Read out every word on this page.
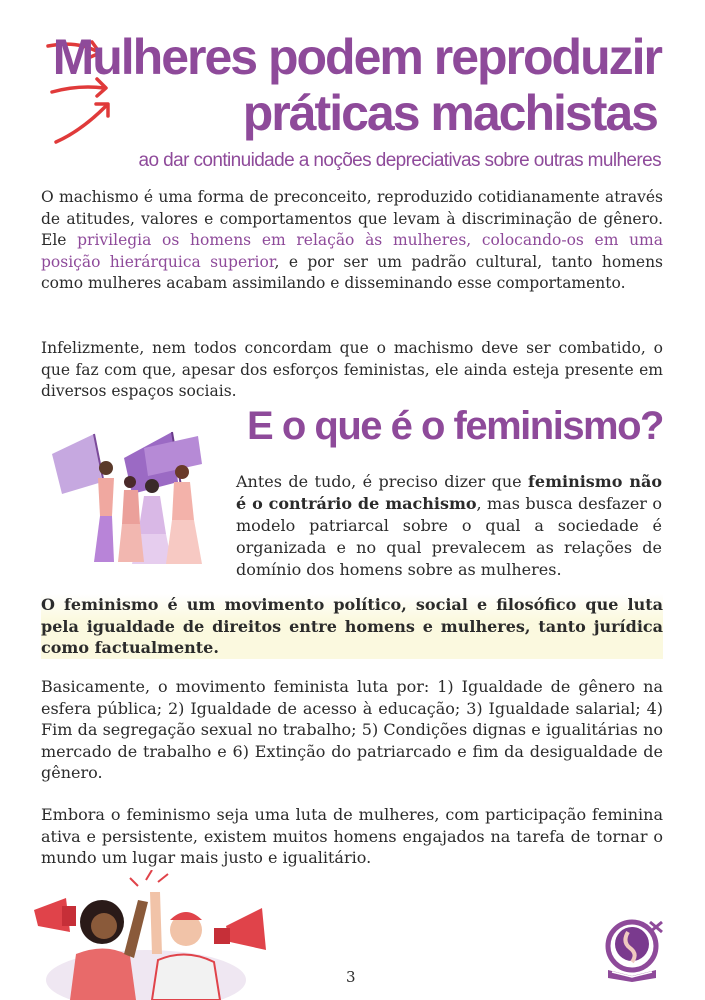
Mulheres podem reproduzir
práticas machistas
ao dar continuidade a noções depreciativas sobre outras mulheres
O machismo é uma forma de preconceito, reproduzido cotidianamente através de atitudes, valores e comportamentos que levam à discriminação de gênero. Ele privilegia os homens em relação às mulheres, colocando-os em uma posição hierárquica superior, e por ser um padrão cultural, tanto homens como mulheres acabam assimilando e disseminando esse comportamento.
Infelizmente, nem todos concordam que o machismo deve ser combatido, o que faz com que, apesar dos esforços feministas, ele ainda esteja presente em diversos espaços sociais.
E o que é o feminismo?
Antes de tudo, é preciso dizer que feminismo não é o contrário de machismo, mas busca desfazer o modelo patriarcal sobre o qual a sociedade é organizada e no qual prevalecem as relações de domínio dos homens sobre as mulheres.
O feminismo é um movimento político, social e filosófico que luta pela igualdade de direitos entre homens e mulheres, tanto jurídica como factualmente.
Basicamente, o movimento feminista luta por: 1) Igualdade de gênero na esfera pública; 2) Igualdade de acesso à educação; 3) Igualdade salarial; 4) Fim da segregação sexual no trabalho; 5) Condições dignas e igualitárias no mercado de trabalho e 6) Extinção do patriarcado e fim da desigualdade de gênero.
Embora o feminismo seja uma luta de mulheres, com participação feminina ativa e persistente, existem muitos homens engajados na tarefa de tornar o mundo um lugar mais justo e igualitário.
3
